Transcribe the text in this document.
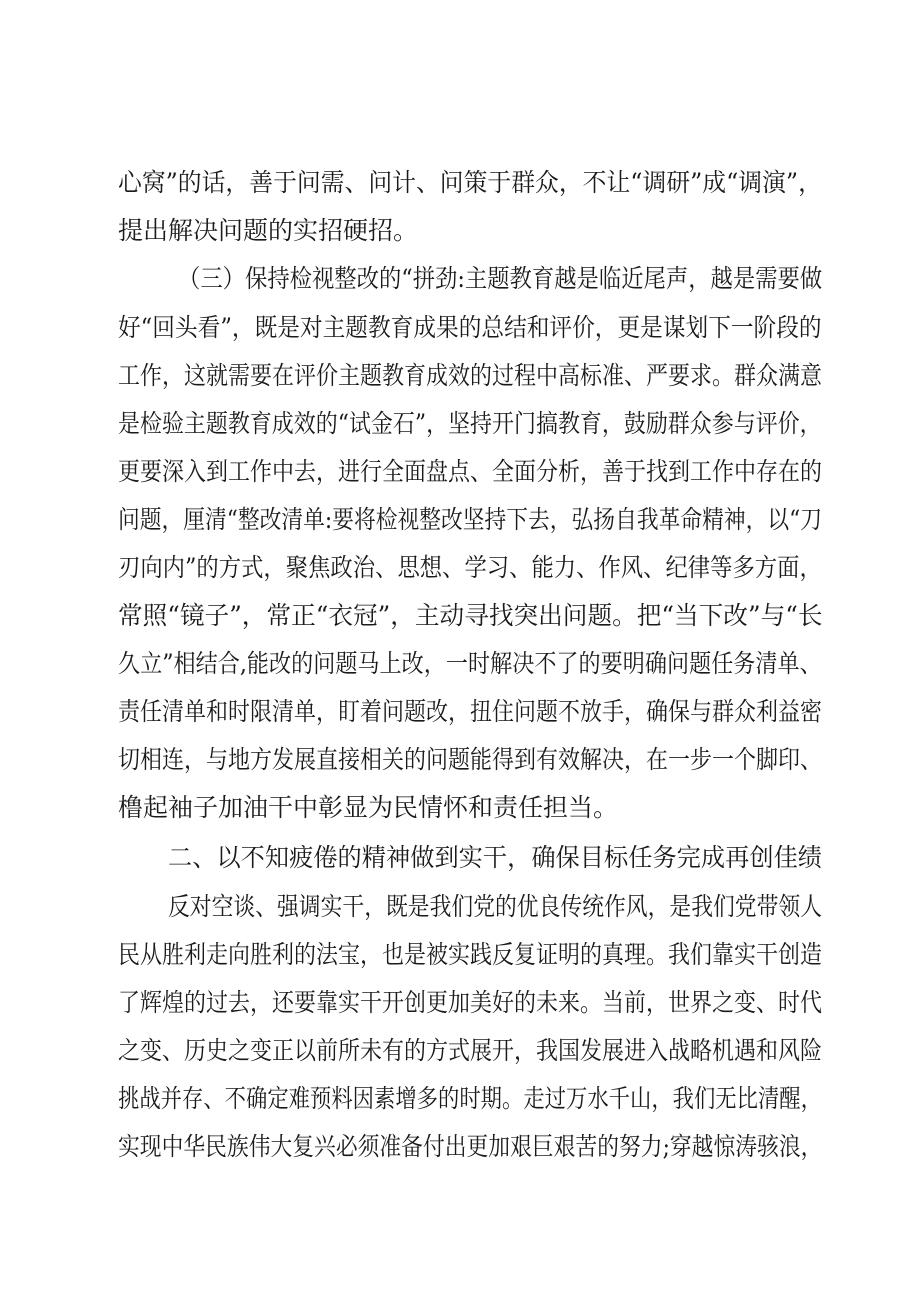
心窝”的话，善于问需、问计、问策于群众，不让“调研”成“调演”，
提出解决问题的实招硬招。
（三）保持检视整改的“拼劲:主题教育越是临近尾声，越是需要做
好“回头看”，既是对主题教育成果的总结和评价，更是谋划下一阶段的
工作，这就需要在评价主题教育成效的过程中高标准、严要求。群众满意
是检验主题教育成效的“试金石”，坚持开门搞教育，鼓励群众参与评价，
更要深入到工作中去，进行全面盘点、全面分析，善于找到工作中存在的
问题，厘清“整改清单:要将检视整改坚持下去，弘扬自我革命精神，以“刀
刃向内”的方式，聚焦政治、思想、学习、能力、作风、纪律等多方面，
常照“镜子”，常正“衣冠”，主动寻找突出问题。把“当下改”与“长
久立”相结合,能改的问题马上改，一时解决不了的要明确问题任务清单、
责任清单和时限清单，盯着问题改，扭住问题不放手，确保与群众利益密
切相连，与地方发展直接相关的问题能得到有效解决，在一步一个脚印、
橹起袖子加油干中彰显为民情怀和责任担当。
二、以不知疲倦的精神做到实干，确保目标任务完成再创佳绩
反对空谈、强调实干，既是我们党的优良传统作风，是我们党带领人
民从胜利走向胜利的法宝，也是被实践反复证明的真理。我们靠实干创造
了辉煌的过去，还要靠实干开创更加美好的未来。当前，世界之变、时代
之变、历史之变正以前所未有的方式展开，我国发展进入战略机遇和风险
挑战并存、不确定难预料因素增多的时期。走过万水千山，我们无比清醒，
实现中华民族伟大复兴必须准备付出更加艰巨艰苦的努力;穿越惊涛骇浪，
